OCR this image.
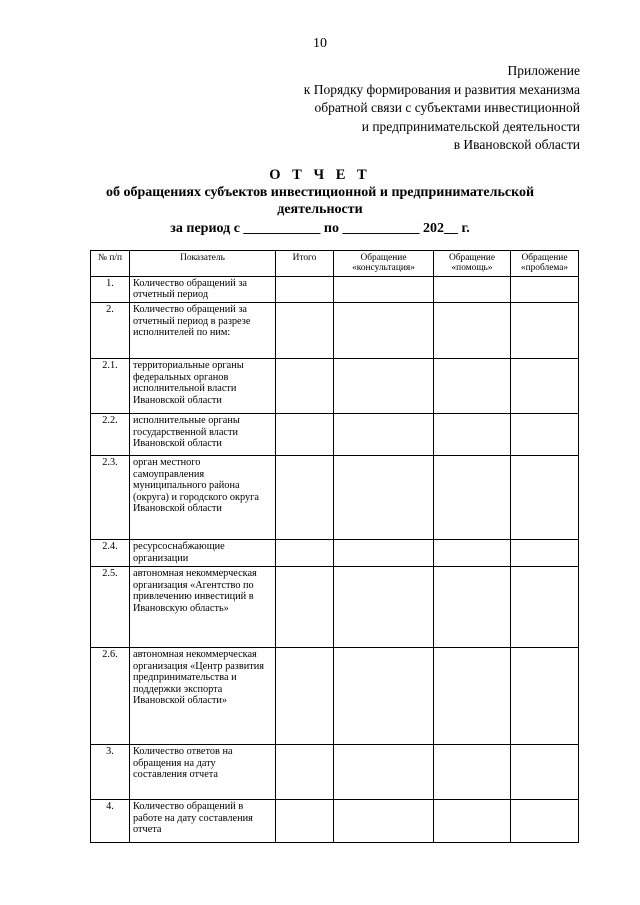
10
Приложение
к Порядку формирования и развития механизма
обратной связи с субъектами инвестиционной
и предпринимательской деятельности
в Ивановской области
О Т Ч Е Т
об обращениях субъектов инвестиционной и предпринимательской
деятельности
за период с ___________ по ___________ 202__ г.
№ п/п	Показатель	Итого	Обращение «консультация»	Обращение «помощь»	Обращение «проблема»
1.	Количество обращений за отчетный период				
2.	Количество обращений за отчетный период в разрезе исполнителей по ним:				
2.1.	территориальные органы федеральных органов исполнительной власти Ивановской области				
2.2.	исполнительные органы государственной власти Ивановской области				
2.3.	орган местного самоуправления муниципального района (округа) и городского округа Ивановской области				
2.4.	ресурсоснабжающие организации				
2.5.	автономная некоммерческая организация «Агентство по привлечению инвестиций в Ивановскую область»				
2.6.	автономная некоммерческая организация «Центр развития предпринимательства и поддержки экспорта Ивановской области»				
3.	Количество ответов на обращения на дату составления отчета				
4.	Количество обращений в работе на дату составления отчета				
